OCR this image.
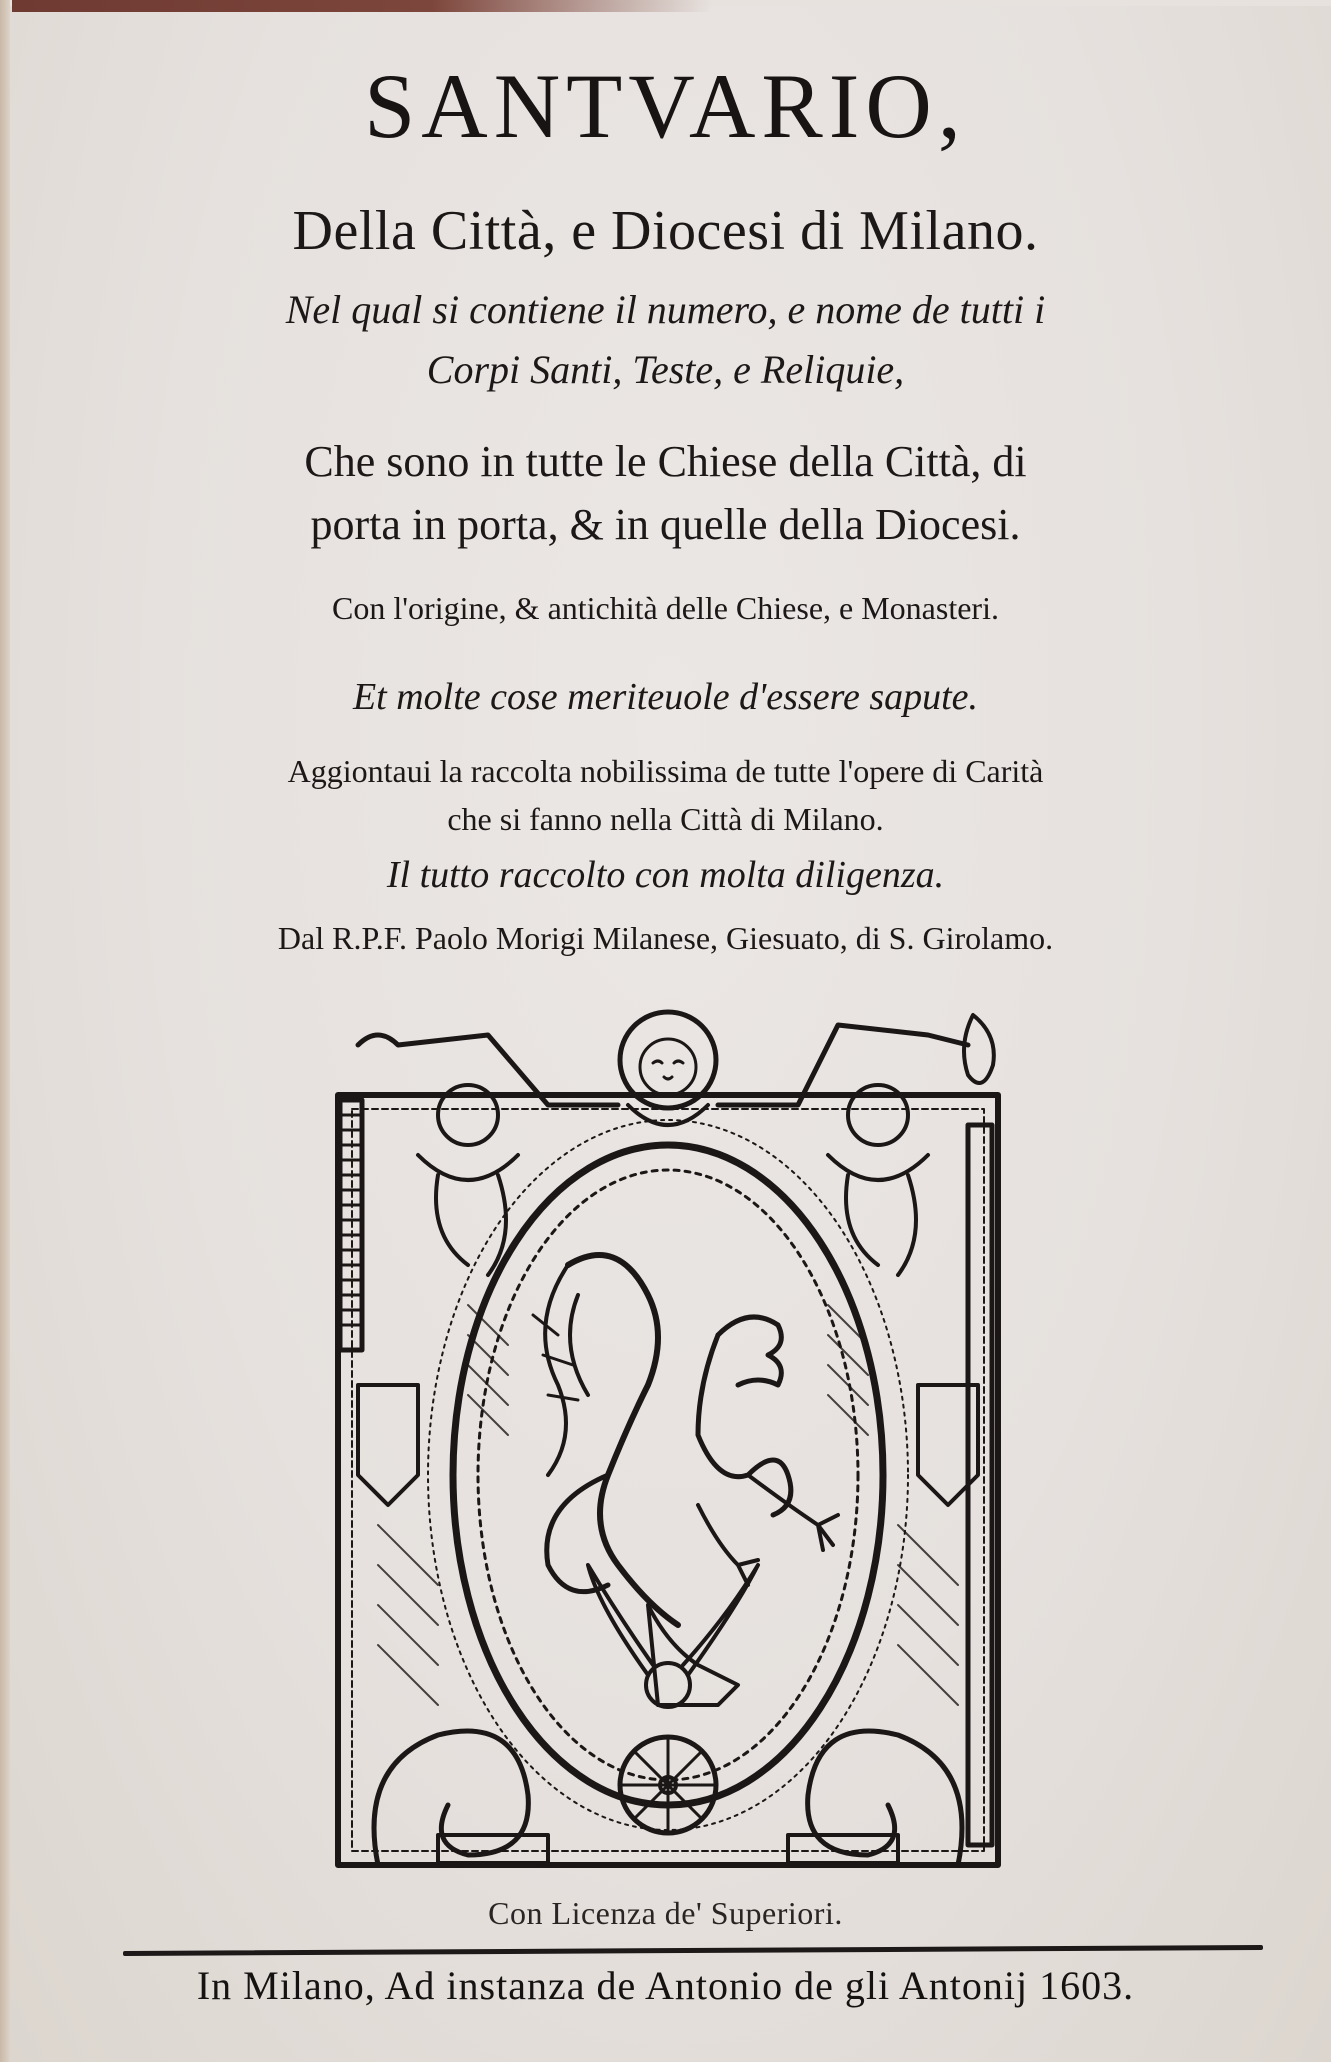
SANTVARIO,
Della Città, e Diocesi di Milano.
Nel qual si contiene il numero, e nome de tutti i
Corpi Santi, Teste, e Reliquie,
Che sono in tutte le Chiese della Città, di
porta in porta, & in quelle della Diocesi.
Con l'origine, & antichità delle Chiese, e Monasteri.
Et molte cose meriteuole d'essere sapute.
Aggiontaui la raccolta nobilissima de tutte l'opere di Carità
che si fanno nella Città di Milano.
Il tutto raccolto con molta diligenza.
Dal R.P.F. Paolo Morigi Milanese, Giesuato, di S. Girolamo.
Con Licenza de' Superiori.
In Milano, Ad instanza de Antonio de gli Antonij 1603.
